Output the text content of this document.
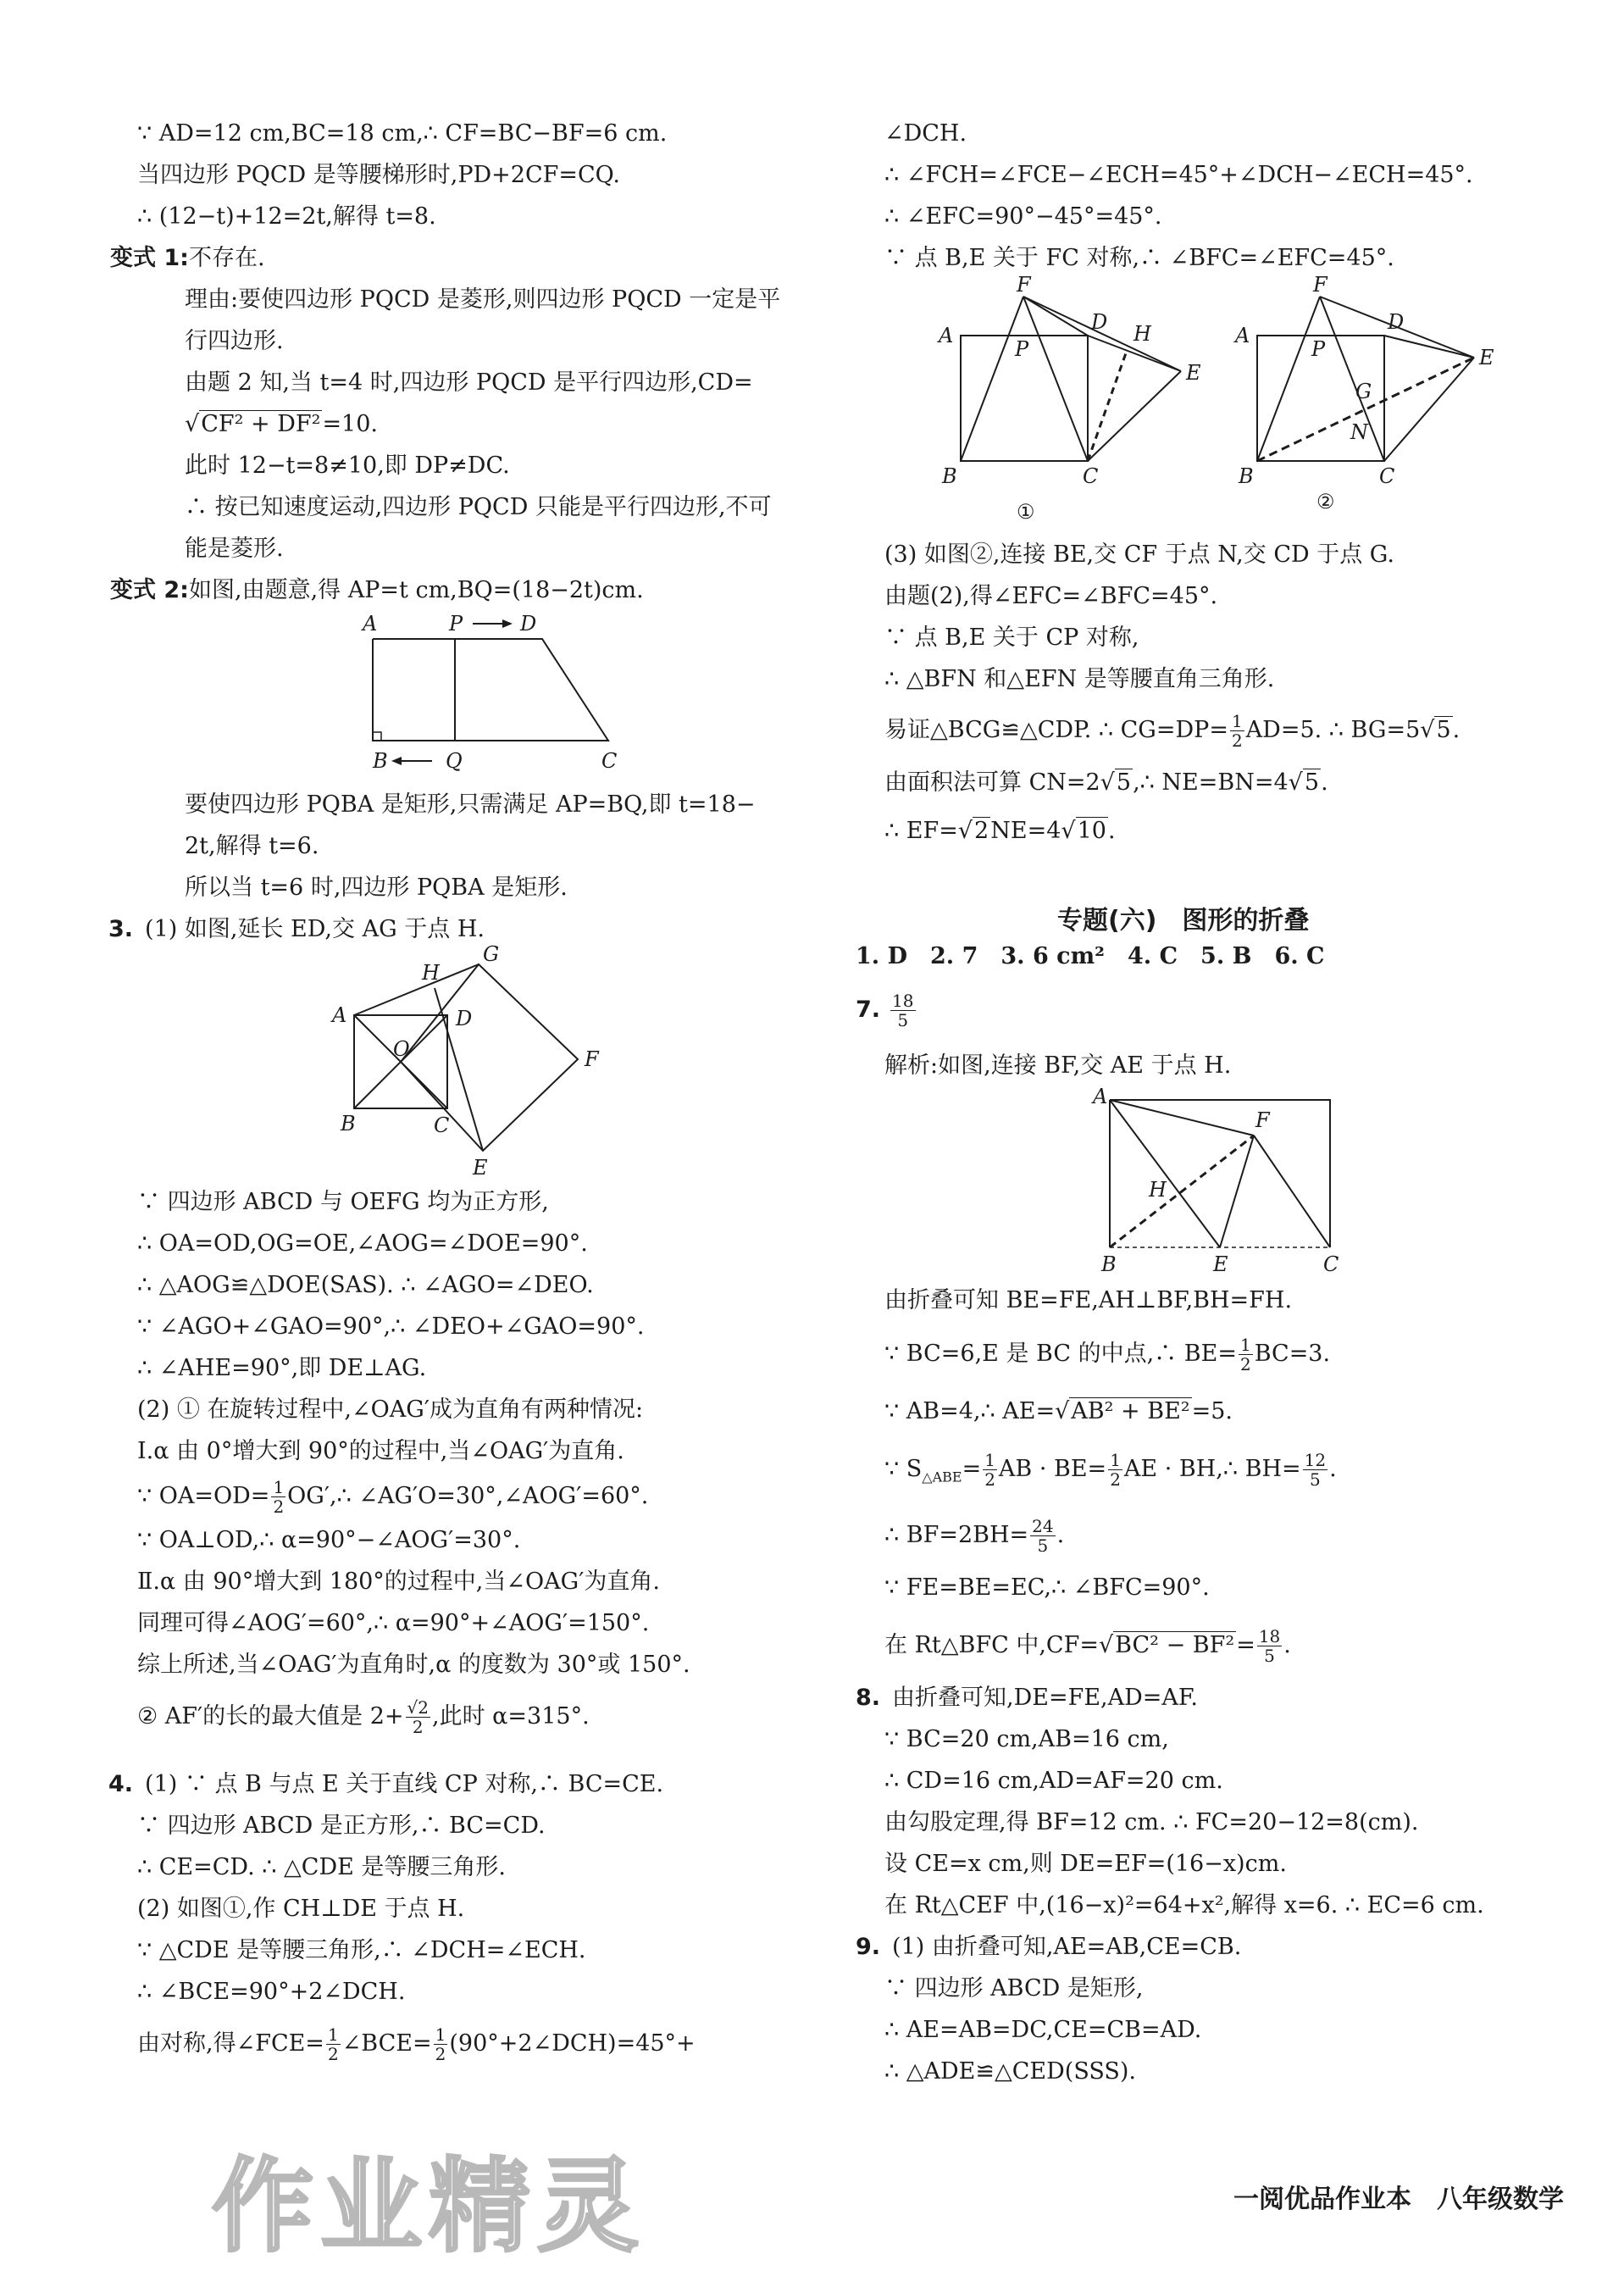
∵ AD=12 cm,BC=18 cm,∴ CF=BC−BF=6 cm.
当四边形 PQCD 是等腰梯形时,PD+2CF=CQ.
∴ (12−t)+12=2t,解得 t=8.
变式 1:不存在.
理由:要使四边形 PQCD 是菱形,则四边形 PQCD 一定是平
行四边形.
由题 2 知,当 t=4 时,四边形 PQCD 是平行四边形,CD=
√CF² + DF²=10.
此时 12−t=8≠10,即 DP≠DC.
∴ 按已知速度运动,四边形 PQCD 只能是平行四边形,不可
能是菱形.
变式 2:如图,由题意,得 AP=t cm,BQ=(18−2t)cm.
A	P	D
B	Q	C
要使四边形 PQBA 是矩形,只需满足 AP=BQ,即 t=18−
2t,解得 t=6.
所以当 t=6 时,四边形 PQBA 是矩形.
3. (1) 如图,延长 ED,交 AG 于点 H.
A
B	C
D
O
E
F
G
H
∵ 四边形 ABCD 与 OEFG 均为正方形,
∴ OA=OD,OG=OE,∠AOG=∠DOE=90°.
∴ △AOG≌△DOE(SAS). ∴ ∠AGO=∠DEO.
∵ ∠AGO+∠GAO=90°,∴ ∠DEO+∠GAO=90°.
∴ ∠AHE=90°,即 DE⊥AG.
(2) ① 在旋转过程中,∠OAG′成为直角有两种情况:
Ⅰ.α 由 0°增大到 90°的过程中,当∠OAG′为直角.
∵ $OA=OD= \frac{1}{2}$ OG′,∴ ∠AG′O=30°,∠AOG′=60°.
∵ OA⊥OD,∴ α=90°−∠AOG′=30°.
Ⅱ.α 由 90°增大到 180°的过程中,当∠OAG′为直角.
同理可得∠AOG′=60°,∴ α=90°+∠AOG′=150°.
综上所述,当∠OAG′为直角时,α 的度数为 30°或 150°.
② AF′的长的最大值是 $2+ \frac{√2}{2}$ ,此时 α=315°.
4. (1) ∵ 点 B 与点 E 关于直线 CP 对称,∴ BC=CE.
∵ 四边形 ABCD 是正方形,∴ BC=CD.
∴ CE=CD. ∴ △CDE 是等腰三角形.
(2) 如图①,作 CH⊥DE 于点 H.
∵ △CDE 是等腰三角形,∴ ∠DCH=∠ECH.
∴ ∠BCE=90°+2∠DCH.
由对称,得∠FCE= $\frac{1}{2}$ ∠BCE= $\frac{1}{2}$ (90°+2∠DCH)=45°+
∠DCH.
∴ ∠FCH=∠FCE−∠ECH=45°+∠DCH−∠ECH=45°.
∴ ∠EFC=90°−45°=45°.
∵ 点 B,E 关于 FC 对称,∴ ∠BFC=∠EFC=45°.
A
F
D H
E
P
B	C
①
A
F
D
E
P
G
N
B	C
②
(3) 如图②,连接 BE,交 CF 于点 N,交 CD 于点 G.
由题(2),得∠EFC=∠BFC=45°.
∵ 点 B,E 关于 CP 对称,
∴ △BFN 和△EFN 是等腰直角三角形.
易证△BCG≌△CDP. ∴ $CG=DP= \frac{1}{2} AD=5$. ∴ BG=5√5.
由面积法可算 CN=2√5,∴ NE=BN=4√5.
∴ EF=√2NE=4√10.
专题(六)　图形的折叠
1. D　2. 7　3. 6 cm²　4. C　5. B　6. C
7. $\frac{18}{5}$
解析:如图,连接 BF,交 AE 于点 H.
A
F
H
B	E	C
由折叠可知 BE=FE,AH⊥BF,BH=FH.
∵ BC=6,E 是 BC 的中点,∴ $BE= \frac{1}{2} BC=3$.
∵ AB=4,∴ AE=√AB² + BE²=5.
∵ $S_{\triangle ABE}= \frac{1}{2}$ AB · $BE= \frac{1}{2}$ AE · BH,∴ $BH= \frac{12}{5}$ .
∴ $BF=2BH= \frac{24}{5}$ .
∵ FE=BE=EC,∴ ∠BFC=90°.
在 Rt△BFC 中$,CF=√BC^2 - BF^2= \frac{18}{5}$ .
8. 由折叠可知,DE=FE,AD=AF.
∵ BC=20 cm,AB=16 cm,
∴ CD=16 cm,AD=AF=20 cm.
由勾股定理,得 BF=12 cm. ∴ FC=20−12=8(cm).
设 CE=x cm,则 DE=EF=(16−x)cm.
在 Rt△CEF 中,(16−x)²=64+x²,解得 x=6. ∴ EC=6 cm.
9. (1) 由折叠可知,AE=AB,CE=CB.
∵ 四边形 ABCD 是矩形,
∴ AE=AB=DC,CE=CB=AD.
∴ △ADE≌△CED(SSS).
一阅优品作业本　八年级数学
作业精灵
